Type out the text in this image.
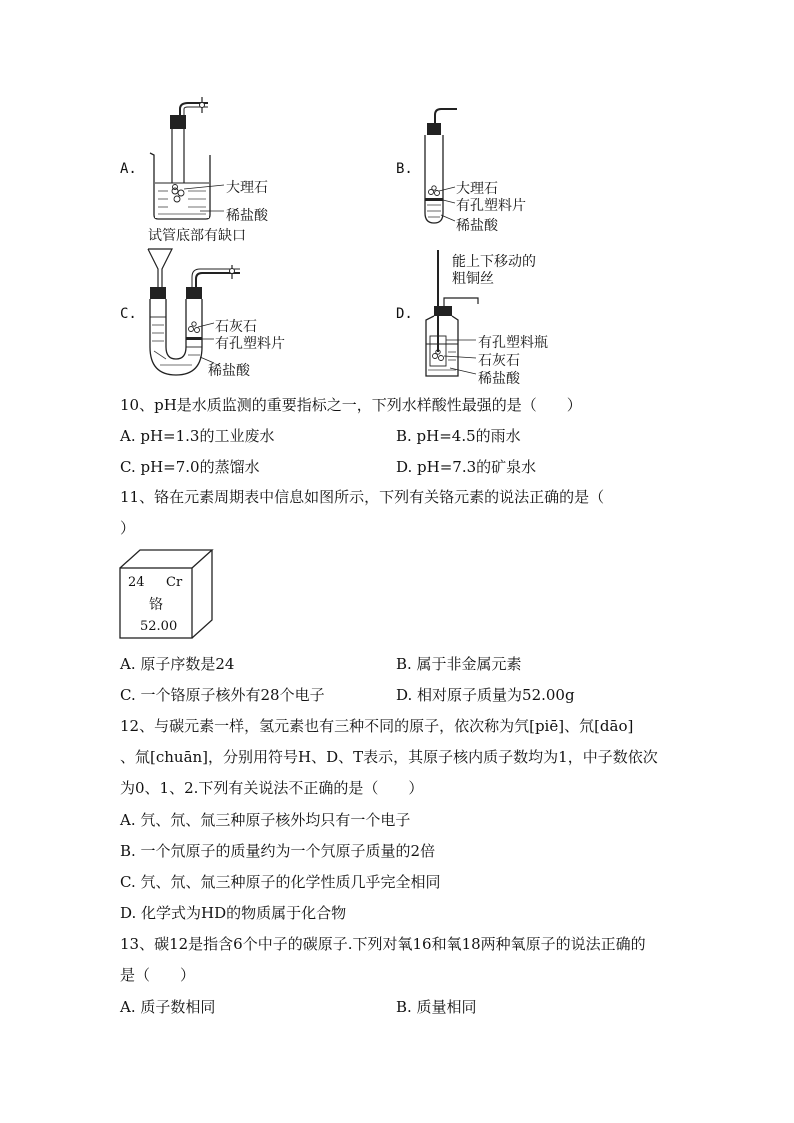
A.
大理石
稀盐酸
试管底部有缺口
B.
大理石
有孔塑料片
稀盐酸
C.
石灰石
有孔塑料片
稀盐酸
D.
能上下移动的
粗铜丝
有孔塑料瓶
石灰石
稀盐酸
10、pH是水质监测的重要指标之一，下列水样酸性最强的是（　　）
A. pH=1.3的工业废水	B. pH=4.5的雨水
C. pH=7.0的蒸馏水	D. pH=7.3的矿泉水
11、铬在元素周期表中信息如图所示，下列有关铬元素的说法正确的是（
）
24 Cr
铬
52.00
A. 原子序数是24	B. 属于非金属元素
C. 一个铬原子核外有28个电子	D. 相对原子质量为52.00g
12、与碳元素一样，氢元素也有三种不同的原子，依次称为氕[piē]、氘[dāo]
、氚[chuān]，分别用符号H、D、T表示，其原子核内质子数均为1，中子数依次
为0、1、2.下列有关说法不正确的是（　　）
A. 氕、氘、氚三种原子核外均只有一个电子
B. 一个氘原子的质量约为一个氕原子质量的2倍
C. 氕、氘、氚三种原子的化学性质几乎完全相同
D. 化学式为HD的物质属于化合物
13、碳12是指含6个中子的碳原子.下列对氧16和氧18两种氧原子的说法正确的
是（　　）
A. 质子数相同	B. 质量相同
